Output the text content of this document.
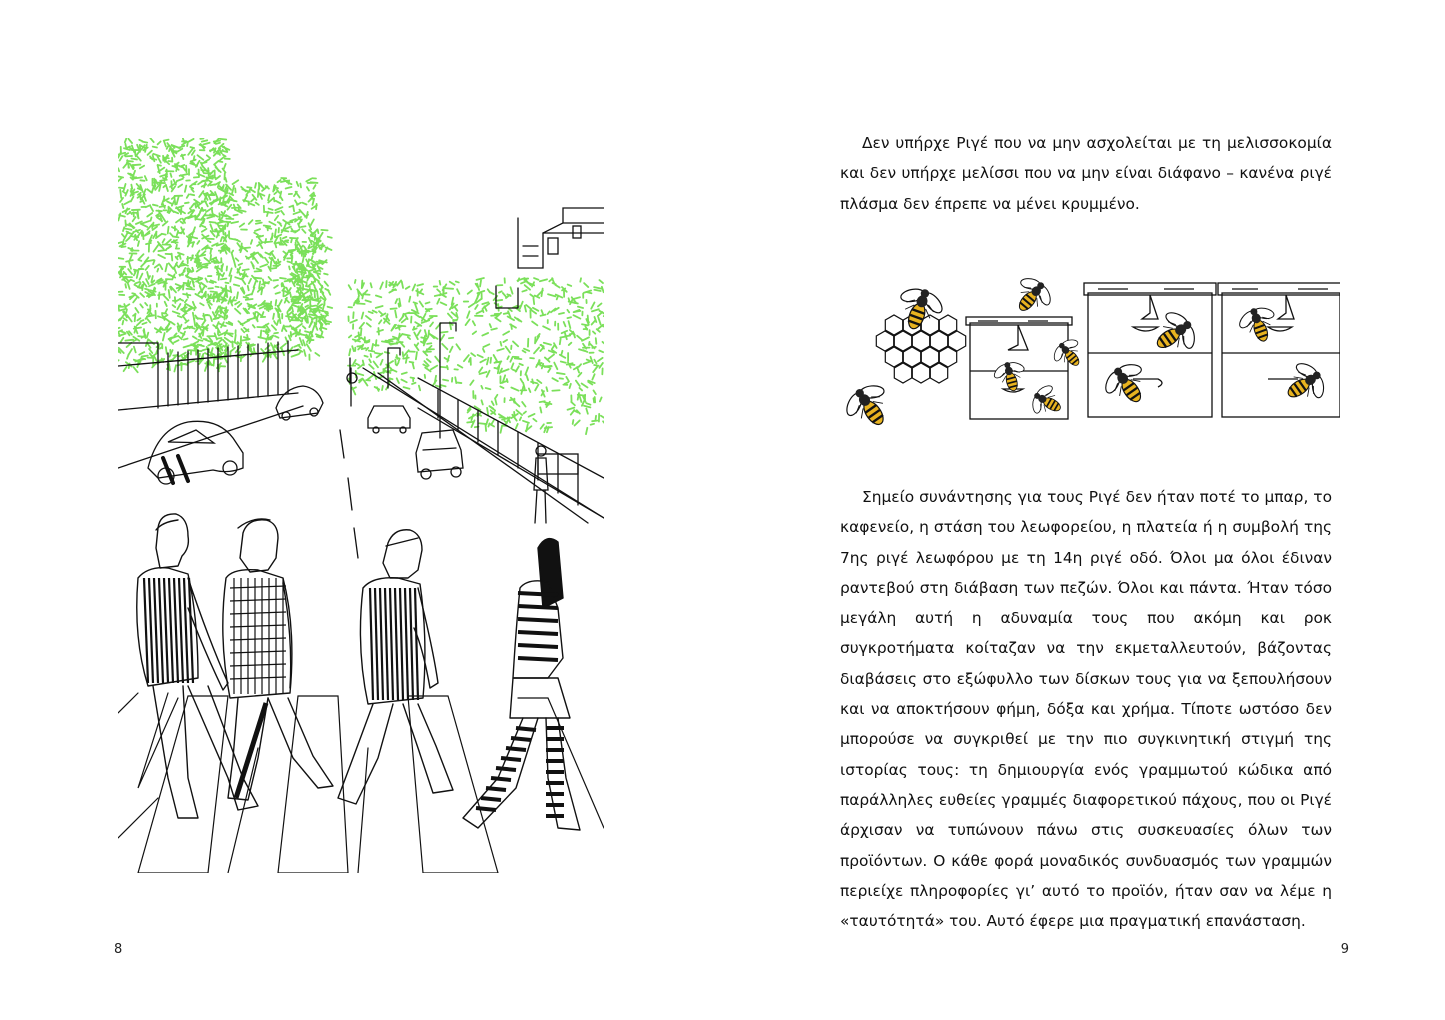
8

Δεν υπήρχε Ριγέ που να μην ασχολείται με τη μελισσοκομία και δεν υπήρχε μελίσσι που να μην είναι διάφανο – κανένα ριγέ πλάσμα δεν έπρεπε να μένει κρυμμένο.

Σημείο συνάντησης για τους Ριγέ δεν ήταν ποτέ το μπαρ, το καφενείο, η στάση του λεωφορείου, η πλατεία ή η συμβολή της 7ης ριγέ λεωφόρου με τη 14η ριγέ οδό. Όλοι μα όλοι έδιναν ραντεβού στη διάβαση των πεζών. Όλοι και πάντα. Ήταν τόσο μεγάλη αυτή η αδυναμία τους που ακόμη και ροκ συγκροτήματα κοίταζαν να την εκμεταλλευτούν, βάζοντας διαβάσεις στο εξώφυλλο των δίσκων τους για να ξεπουλήσουν και να αποκτήσουν φήμη, δόξα και χρήμα. Τίποτε ωστόσο δεν μπορούσε να συγκριθεί με την πιο συγκινητική στιγμή της ιστορίας τους: τη δημιουργία ενός γραμμωτού κώδικα από παράλληλες ευθείες γραμμές διαφορετικού πάχους, που οι Ριγέ άρχισαν να τυπώνουν πάνω στις συσκευασίες όλων των προϊόντων. Ο κάθε φορά μοναδικός συνδυασμός των γραμμών περιείχε πληροφορίες γι’ αυτό το προϊόν, ήταν σαν να λέμε η «ταυτότητά» του. Αυτό έφερε μια πραγματική επανάσταση.

9
